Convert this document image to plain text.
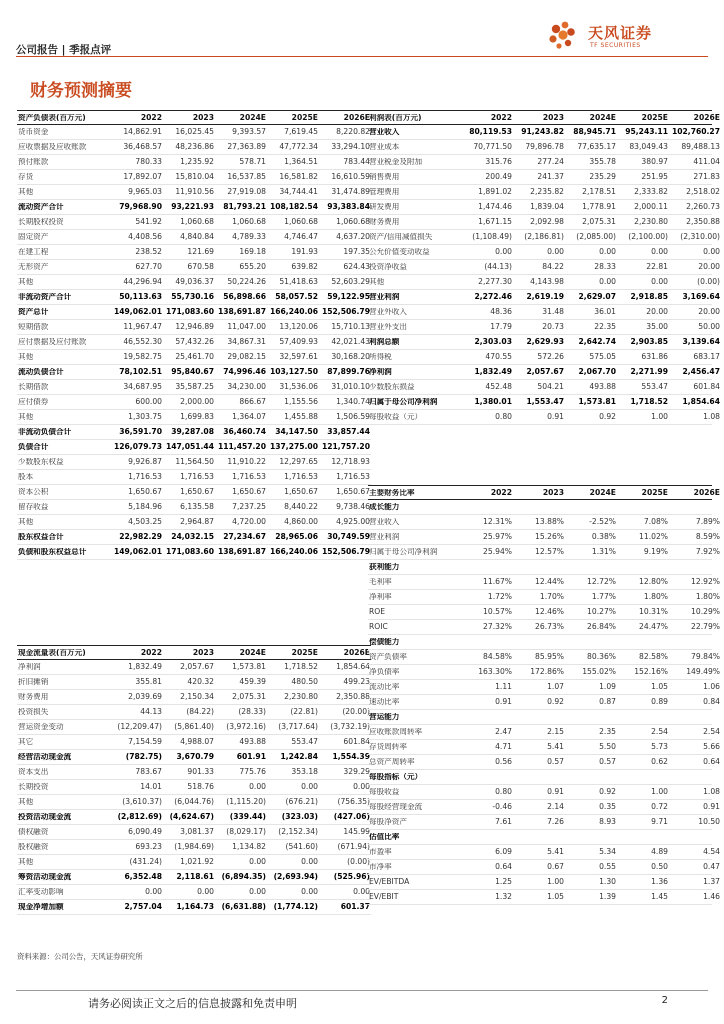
公司报告 | 季报点评
天风证券
TF SECURITIES
财务预测摘要
资产负债表(百万元)	2022	2023	2024E	2025E	2026E
货币资金	14,862.91	16,025.45	9,393.57	7,619.45	8,220.82
应收票据及应收账款	36,468.57	48,236.86	27,363.89	47,772.34	33,294.10
预付账款	780.33	1,235.92	578.71	1,364.51	783.44
存货	17,892.07	15,810.04	16,537.85	16,581.82	16,610.59
其他	9,965.03	11,910.56	27,919.08	34,744.41	31,474.89
流动资产合计	79,968.90	93,221.93	81,793.21 108,182.54	93,383.84
长期股权投资	541.92	1,060.68	1,060.68	1,060.68	1,060.68
固定资产	4,408.56	4,840.84	4,789.33	4,746.47	4,637.20
在建工程	238.52	121.69	169.18	191.93	197.35
无形资产	627.70	670.58	655.20	639.82	624.43
其他	44,296.94	49,036.37	50,224.26	51,418.63	52,603.29
非流动资产合计	50,113.63	55,730.16	56,898.66	58,057.52	59,122.95
资产总计	149,062.01 171,083.60 138,691.87 166,240.06 152,506.79
短期借款	11,967.47	12,946.89	11,047.00	13,120.06	15,710.13
应付票据及应付账款	46,552.30	57,432.26	34,867.31	57,409.93	42,021.43
其他	19,582.75	25,461.70	29,082.15	32,597.61	30,168.20
流动负债合计	78,102.51	95,840.67	74,996.46 103,127.50	87,899.76
长期借款	34,687.95	35,587.25	34,230.00	31,536.06	31,010.10
应付债券	600.00	2,000.00	866.67	1,155.56	1,340.74
其他	1,303.75	1,699.83	1,364.07	1,455.88	1,506.59
非流动负债合计	36,591.70	39,287.08	36,460.74	34,147.50	33,857.44
负债合计	126,079.73 147,051.44 111,457.20 137,275.00 121,757.20
少数股东权益	9,926.87	11,564.50	11,910.22	12,297.65	12,718.93
股本	1,716.53	1,716.53	1,716.53	1,716.53	1,716.53
资本公积	1,650.67	1,650.67	1,650.67	1,650.67	1,650.67
留存收益	5,184.96	6,135.58	7,237.25	8,440.22	9,738.46
其他	4,503.25	2,964.87	4,720.00	4,860.00	4,925.00
股东权益合计	22,982.29	24,032.15	27,234.67	28,965.06	30,749.59
负债和股东权益总计	149,062.01 171,083.60 138,691.87 166,240.06 152,506.79
利润表(百万元)	2022	2023	2024E	2025E	2026E
营业收入	80,119.53	91,243.82	88,945.71	95,243.11 102,760.27
营业成本	70,771.50	79,896.78	77,635.17	83,049.43	89,488.13
营业税金及附加	315.76	277.24	355.78	380.97	411.04
销售费用	200.49	241.37	235.29	251.95	271.83
管理费用	1,891.02	2,235.82	2,178.51	2,333.82	2,518.02
研发费用	1,474.46	1,839.04	1,778.91	2,000.11	2,260.73
财务费用	1,671.15	2,092.98	2,075.31	2,230.80	2,350.88
资产/信用减值损失	(1,108.49)	(2,186.81)	(2,085.00)	(2,100.00)	(2,310.00)
公允价值变动收益	0.00	0.00	0.00	0.00	0.00
投资净收益	(44.13)	84.22	28.33	22.81	20.00
其他	2,277.30	4,143.98	0.00	0.00	(0.00)
营业利润	2,272.46	2,619.19	2,629.07	2,918.85	3,169.64
营业外收入	48.36	31.48	36.01	20.00	20.00
营业外支出	17.79	20.73	22.35	35.00	50.00
利润总额	2,303.03	2,629.93	2,642.74	2,903.85	3,139.64
所得税	470.55	572.26	575.05	631.86	683.17
净利润	1,832.49	2,057.67	2,067.70	2,271.99	2,456.47
少数股东损益	452.48	504.21	493.88	553.47	601.84
归属于母公司净利润	1,380.01	1,553.47	1,573.81	1,718.52	1,854.64
每股收益（元）	0.80	0.91	0.92	1.00	1.08
现金流量表(百万元)	2022	2023	2024E	2025E	2026E
净利润	1,832.49	2,057.67	1,573.81	1,718.52	1,854.64
折旧摊销	355.81	420.32	459.39	480.50	499.23
财务费用	2,039.69	2,150.34	2,075.31	2,230.80	2,350.88
投资损失	44.13	(84.22)	(28.33)	(22.81)	(20.00)
营运资金变动	(12,209.47)	(5,861.40)	(3,972.16)	(3,717.64)	(3,732.19)
其它	7,154.59	4,988.07	493.88	553.47	601.84
经营活动现金流	(782.75)	3,670.79	601.91	1,242.84	1,554.39
资本支出	783.67	901.33	775.76	353.18	329.29
长期投资	14.01	518.76	0.00	0.00	0.00
其他	(3,610.37)	(6,044.76)	(1,115.20)	(676.21)	(756.35)
投资活动现金流	(2,812.69) (4,624.67)	(339.44)	(323.03)	(427.06)
债权融资	6,090.49	3,081.37	(8,029.17)	(2,152.34)	145.99
股权融资	693.23	(1,984.69)	1,134.82	(541.60)	(671.94)
其他	(431.24)	1,021.92	0.00	0.00	(0.00)
筹资活动现金流	6,352.48	2,118.61 (6,894.35) (2,693.94)	(525.96)
汇率变动影响	0.00	0.00	0.00	0.00	0.00
现金净增加额	2,757.04	1,164.73 (6,631.88) (1,774.12)	601.37
主要财务比率	2022	2023	2024E	2025E	2026E
成长能力
营业收入	12.31%	13.88%	-2.52%	7.08%	7.89%
营业利润	25.97%	15.26%	0.38%	11.02%	8.59%
归属于母公司净利润	25.94%	12.57%	1.31%	9.19%	7.92%
获利能力
毛利率	11.67%	12.44%	12.72%	12.80%	12.92%
净利率	1.72%	1.70%	1.77%	1.80%	1.80%
ROE	10.57%	12.46%	10.27%	10.31%	10.29%
ROIC	27.32%	26.73%	26.84%	24.47%	22.79%
偿债能力
资产负债率	84.58%	85.95%	80.36%	82.58%	79.84%
净负债率	163.30%	172.86%	155.02%	152.16%	149.49%
流动比率	1.11	1.07	1.09	1.05	1.06
速动比率	0.91	0.92	0.87	0.89	0.84
营运能力
应收账款周转率	2.47	2.15	2.35	2.54	2.54
存货周转率	4.71	5.41	5.50	5.73	5.66
总资产周转率	0.56	0.57	0.57	0.62	0.64
每股指标（元）
每股收益	0.80	0.91	0.92	1.00	1.08
每股经营现金流	-0.46	2.14	0.35	0.72	0.91
每股净资产	7.61	7.26	8.93	9.71	10.50
估值比率
市盈率	6.09	5.41	5.34	4.89	4.54
市净率	0.64	0.67	0.55	0.50	0.47
EV/EBITDA	1.25	1.00	1.30	1.36	1.37
EV/EBIT	1.32	1.05	1.39	1.45	1.46
资料来源：公司公告，天风证券研究所
请务必阅读正文之后的信息披露和免责申明	2
